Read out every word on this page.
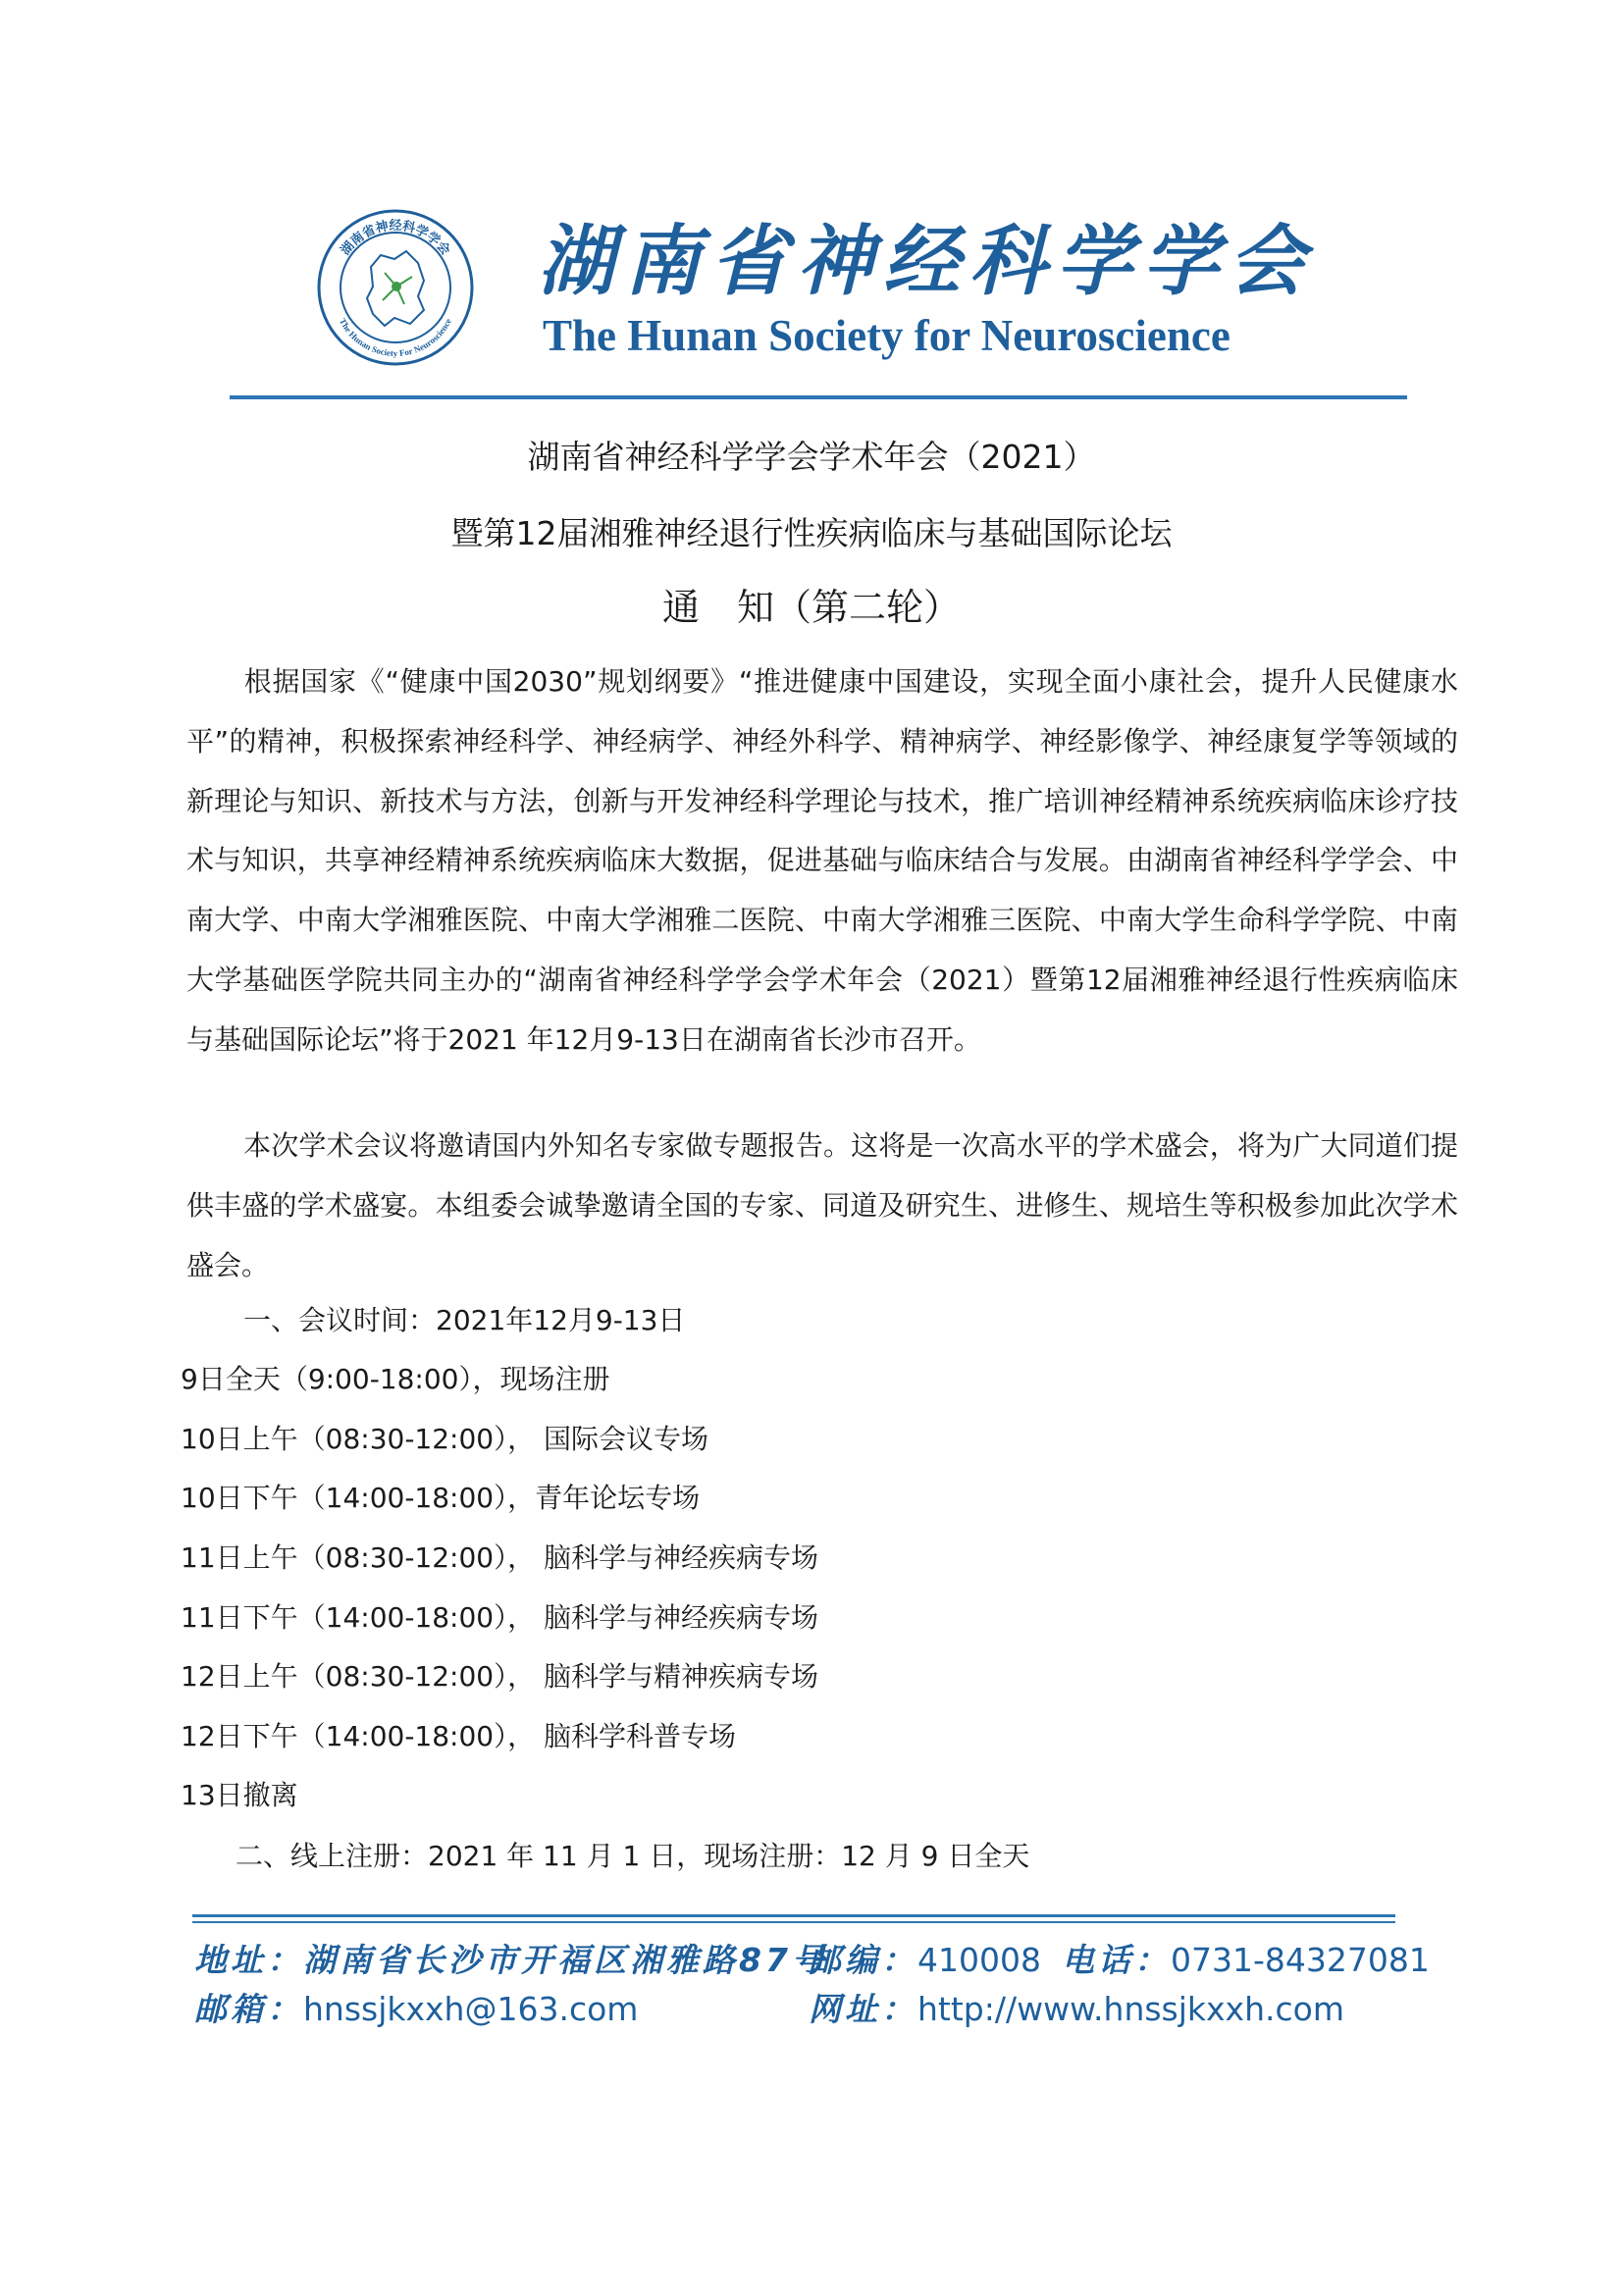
湖南省神经科学学会
The Hunan Society For Neuroscience
湖南省神经科学学会
The Hunan Society for Neuroscience
湖南省神经科学学会学术年会（2021）
暨第12届湘雅神经退行性疾病临床与基础国际论坛
通　知（第二轮）
根据国家《“健康中国2030”规划纲要》“推进健康中国建设，实现全面小康社会，提升人民健康水平”的精神，积极探索神经科学、神经病学、神经外科学、精神病学、神经影像学、神经康复学等领域的新理论与知识、新技术与方法，创新与开发神经科学理论与技术，推广培训神经精神系统疾病临床诊疗技术与知识，共享神经精神系统疾病临床大数据，促进基础与临床结合与发展。由湖南省神经科学学会、中南大学、中南大学湘雅医院、中南大学湘雅二医院、中南大学湘雅三医院、中南大学生命科学学院、中南大学基础医学院共同主办的“湖南省神经科学学会学术年会（2021）暨第12届湘雅神经退行性疾病临床与基础国际论坛”将于2021 年12月9-13日在湖南省长沙市召开。
本次学术会议将邀请国内外知名专家做专题报告。这将是一次高水平的学术盛会，将为广大同道们提供丰盛的学术盛宴。本组委会诚挚邀请全国的专家、同道及研究生、进修生、规培生等积极参加此次学术盛会。
一、会议时间：2021年12月9-13日
9日全天（9:00-18:00），现场注册
10日上午（08:30-12:00）， 国际会议专场
10日下午（14:00-18:00），青年论坛专场
11日上午（08:30-12:00）， 脑科学与神经疾病专场
11日下午（14:00-18:00）， 脑科学与神经疾病专场
12日上午（08:30-12:00）， 脑科学与精神疾病专场
12日下午（14:00-18:00）， 脑科学科普专场
13日撤离
二、线上注册：2021 年 11 月 1 日，现场注册：12 月 9 日全天
地址：湖南省长沙市开福区湘雅路87号
邮编：410008 电话：0731-84327081
邮箱：hnssjkxxh@163.com	网址：http://www.hnssjkxxh.com
